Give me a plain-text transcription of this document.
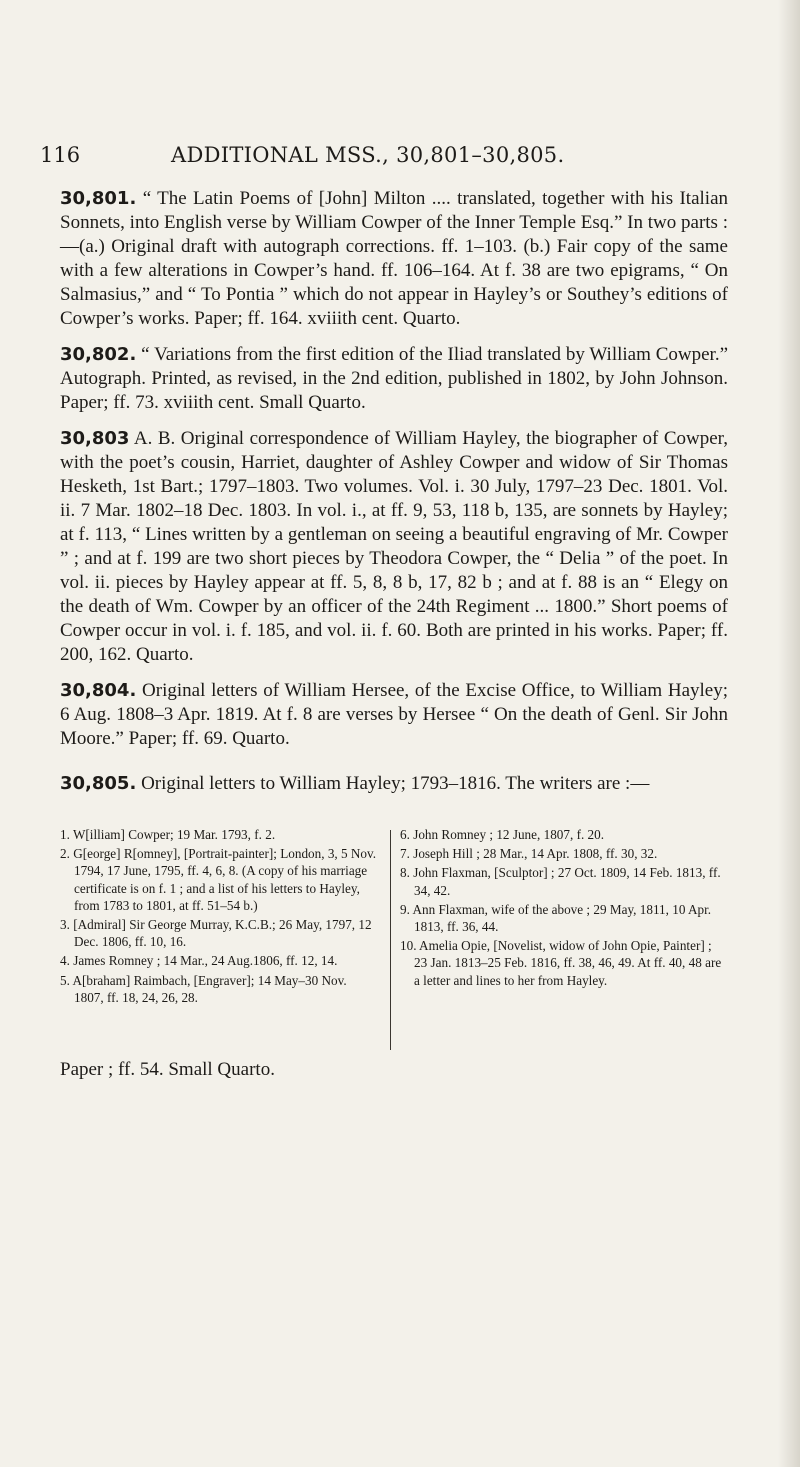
116	ADDITIONAL MSS., 30,801–30,805.

30,801. “ The Latin Poems of [John] Milton .... translated, together with his Italian Sonnets, into English verse by William Cowper of the Inner Temple Esq.” In two parts :—(a.) Original draft with autograph corrections. ff. 1–103. (b.) Fair copy of the same with a few alterations in Cowper’s hand. ff. 106–164. At f. 38 are two epigrams, “ On Salmasius,” and “ To Pontia ” which do not appear in Hayley’s or Southey’s editions of Cowper’s works. Paper; ff. 164. xviiith cent. Quarto.

30,802. “ Variations from the first edition of the Iliad translated by William Cowper.” Autograph. Printed, as revised, in the 2nd edition, published in 1802, by John Johnson. Paper; ff. 73. xviiith cent. Small Quarto.

30,803 A. B. Original correspondence of William Hayley, the biographer of Cowper, with the poet’s cousin, Harriet, daughter of Ashley Cowper and widow of Sir Thomas Hesketh, 1st Bart.; 1797–1803. Two volumes. Vol. i. 30 July, 1797–23 Dec. 1801. Vol. ii. 7 Mar. 1802–18 Dec. 1803. In vol. i., at ff. 9, 53, 118 b, 135, are sonnets by Hayley; at f. 113, “ Lines written by a gentleman on seeing a beautiful engraving of Mr. Cowper ” ; and at f. 199 are two short pieces by Theodora Cowper, the “ Delia ” of the poet. In vol. ii. pieces by Hayley appear at ff. 5, 8, 8 b, 17, 82 b ; and at f. 88 is an “ Elegy on the death of Wm. Cowper by an officer of the 24th Regiment ... 1800.” Short poems of Cowper occur in vol. i. f. 185, and vol. ii. f. 60. Both are printed in his works. Paper; ff. 200, 162. Quarto.

30,804. Original letters of William Hersee, of the Excise Office, to William Hayley; 6 Aug. 1808–3 Apr. 1819. At f. 8 are verses by Hersee “ On the death of Genl. Sir John Moore.” Paper; ff. 69. Quarto.

30,805. Original letters to William Hayley; 1793–1816. The writers are :—

1. W[illiam] Cowper; 19 Mar. 1793, f. 2.
2. G[eorge] R[omney], [Portrait-painter]; London, 3, 5 Nov. 1794, 17 June, 1795, ff. 4, 6, 8. (A copy of his marriage certificate is on f. 1 ; and a list of his letters to Hayley, from 1783 to 1801, at ff. 51–54 b.)
3. [Admiral] Sir George Murray, K.C.B.; 26 May, 1797, 12 Dec. 1806, ff. 10, 16.
4. James Romney ; 14 Mar., 24 Aug.1806, ff. 12, 14.
5. A[braham] Raimbach, [Engraver]; 14 May–30 Nov. 1807, ff. 18, 24, 26, 28.
6. John Romney ; 12 June, 1807, f. 20.
7. Joseph Hill ; 28 Mar., 14 Apr. 1808, ff. 30, 32.
8. John Flaxman, [Sculptor] ; 27 Oct. 1809, 14 Feb. 1813, ff. 34, 42.
9. Ann Flaxman, wife of the above ; 29 May, 1811, 10 Apr. 1813, ff. 36, 44.
10. Amelia Opie, [Novelist, widow of John Opie, Painter] ; 23 Jan. 1813–25 Feb. 1816, ff. 38, 46, 49. At ff. 40, 48 are a letter and lines to her from Hayley.
Paper ; ff. 54. Small Quarto.
